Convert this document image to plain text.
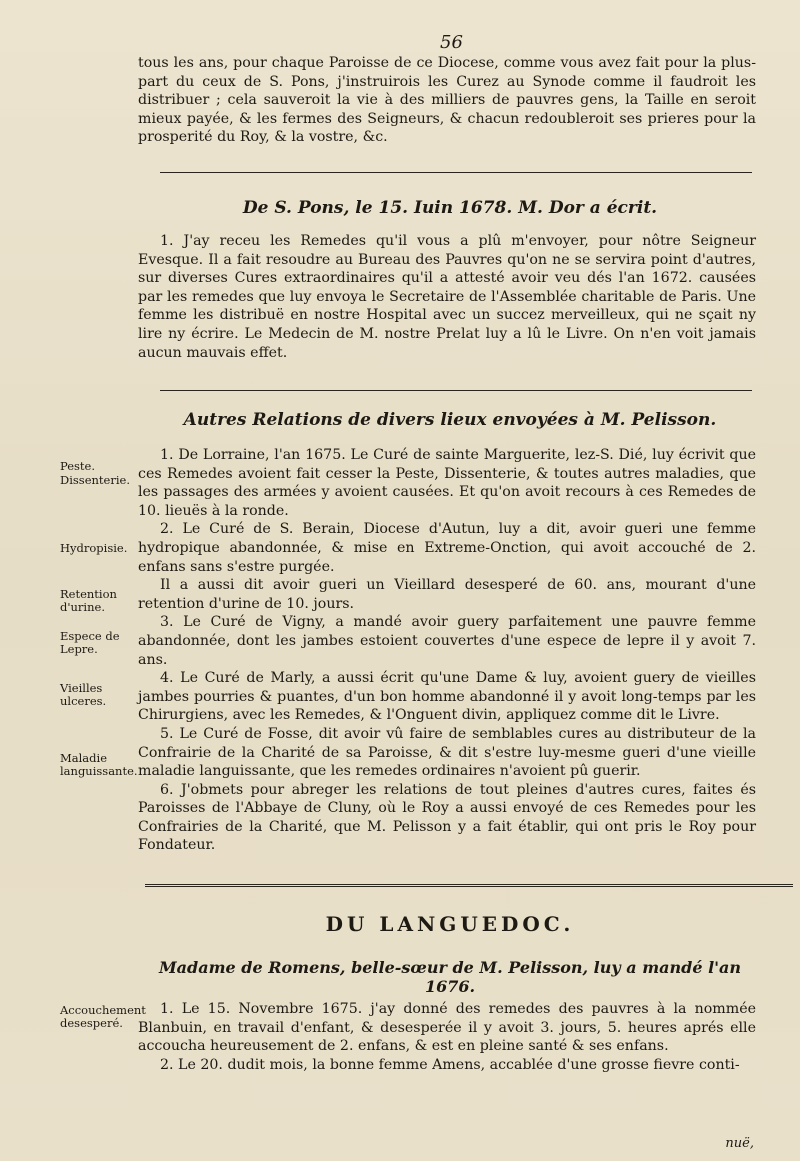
56

tous les ans, pour chaque Paroisse de ce Diocese, comme vous avez fait pour la plus-part du ceux de S. Pons, j'instruirois les Curez au Synode comme il faudroit les distribuer ; cela sauveroit la vie à des milliers de pauvres gens, la Taille en seroit mieux payée, & les fermes des Seigneurs, & chacun redoubleroit ses prieres pour la prosperité du Roy, & la vostre, &c.

De S. Pons, le 15. Iuin 1678. M. Dor a écrit.

1. J'ay receu les Remedes qu'il vous a plû m'envoyer, pour nôtre Seigneur Evesque. Il a fait resoudre au Bureau des Pauvres qu'on ne se servira point d'autres, sur diverses Cures extraordinaires qu'il a attesté avoir veu dés l'an 1672. causées par les remedes que luy envoya le Secretaire de l'Assemblée charitable de Paris. Une femme les distribuë en nostre Hospital avec un succez merveilleux, qui ne sçait ny lire ny écrire. Le Medecin de M. nostre Prelat luy a lû le Livre. On n'en voit jamais aucun mauvais effet.

Autres Relations de divers lieux envoyées à M. Pelisson.

1. De Lorraine, l'an 1675. Le Curé de sainte Marguerite, lez-S. Dié, luy écrivit que ces Remedes avoient fait cesser la Peste, Dissenterie, & toutes autres maladies, que les passages des armées y avoient causées. Et qu'on avoit recours à ces Remedes de 10. lieuës à la ronde.

2. Le Curé de S. Berain, Diocese d'Autun, luy a dit, avoir gueri une femme hydropique abandonnée, & mise en Extreme-Onction, qui avoit accouché de 2. enfans sans s'estre purgée.

Il a aussi dit avoir gueri un Vieillard desesperé de 60. ans, mourant d'une retention d'urine de 10. jours.

3. Le Curé de Vigny, a mandé avoir guery parfaitement une pauvre femme abandonnée, dont les jambes estoient couvertes d'une espece de lepre il y avoit 7. ans.

4. Le Curé de Marly, a aussi écrit qu'une Dame & luy, avoient guery de vieilles jambes pourries & puantes, d'un bon homme abandonné il y avoit long-temps par les Chirurgiens, avec les Remedes, & l'Onguent divin, appliquez comme dit le Livre.

5. Le Curé de Fosse, dit avoir vû faire de semblables cures au distributeur de la Confrairie de la Charité de sa Paroisse, & dit s'estre luy-mesme gueri d'une vieille maladie languissante, que les remedes ordinaires n'avoient pû guerir.

6. J'obmets pour abreger les relations de tout pleines d'autres cures, faites és Paroisses de l'Abbaye de Cluny, où le Roy a aussi envoyé de ces Remedes pour les Confrairies de la Charité, que M. Pelisson y a fait établir, qui ont pris le Roy pour Fondateur.

Peste.
Dissenterie.
Hydropisie.
Retention d'urine.
Espece de Lepre.
Vieilles ulceres.
Maladie languissante.
DU LANGUEDOC.
Madame de Romens, belle-sœur de M. Pelisson, luy a mandé l'an 1676.

1. Le 15. Novembre 1675. j'ay donné des remedes des pauvres à la nommée Blanbuin, en travail d'enfant, & desesperée il y avoit 3. jours, 5. heures aprés elle accoucha heureusement de 2. enfans, & est en pleine santé & ses enfans.

2. Le 20. dudit mois, la bonne femme Amens, accablée d'une grosse fievre conti-

Accouchement desesperé.
nuë,
